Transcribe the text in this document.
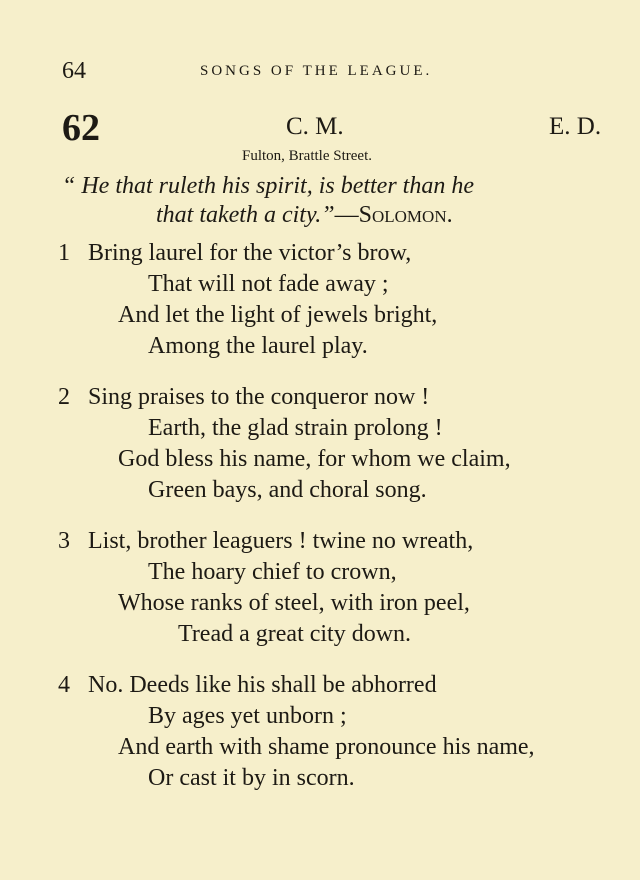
64	SONGS OF THE LEAGUE.
62	C. M.	E. D.
Fulton, Brattle Street.
“ He that ruleth his spirit, is better than he
that taketh a city.”—Solomon.
1 Bring laurel for the victor’s brow,
That will not fade away ;
And let the light of jewels bright,
Among the laurel play.
2 Sing praises to the conqueror now !
Earth, the glad strain prolong !
God bless his name, for whom we claim,
Green bays, and choral song.
3 List, brother leaguers ! twine no wreath,
The hoary chief to crown,
Whose ranks of steel, with iron peel,
Tread a great city down.
4 No. Deeds like his shall be abhorred
By ages yet unborn ;
And earth with shame pronounce his name,
Or cast it by in scorn.
